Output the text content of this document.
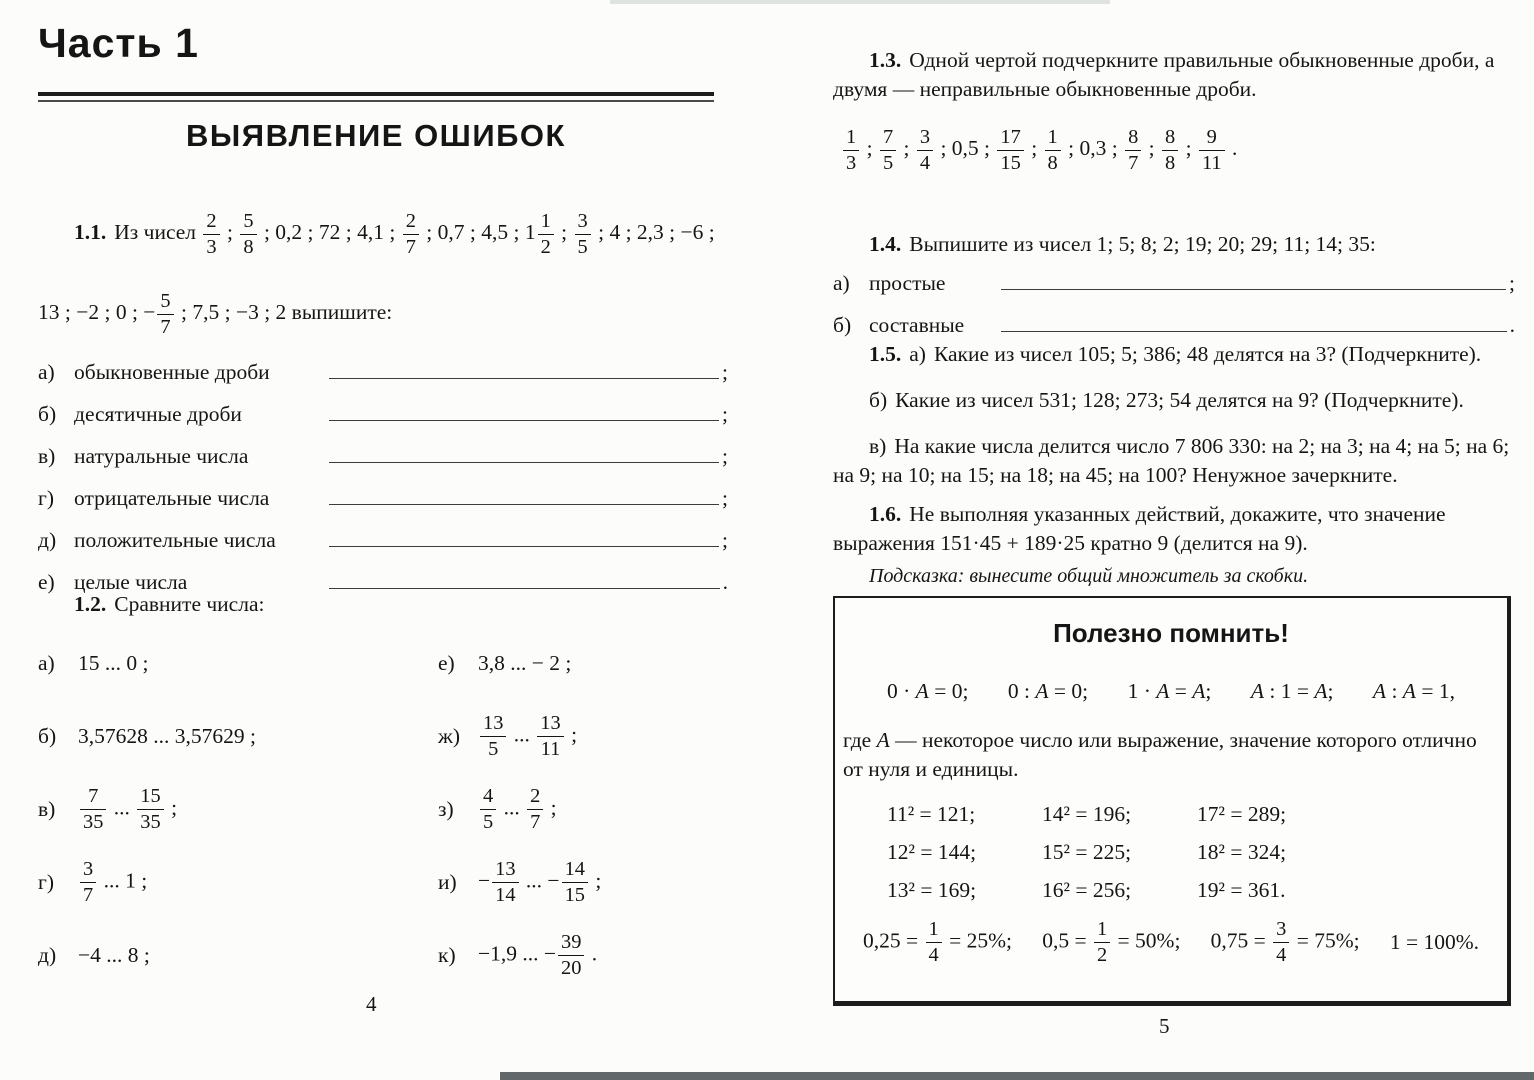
Часть 1
ВЫЯВЛЕНИЕ ОШИБОК
1.1. Из чисел $\frac{2}{3}$ ; $\frac{5}{8}$ ; 0,2 ; 72 ; 4,1 ; $\frac{2}{7}$ ; 0,7 ; 4,5 ; $1 \frac{1}{2}$ ; $\frac{3}{5}$ ; 4 ; 2,3 ; −6 ;
13 ; −2 ; 0 ; − $\frac{5}{7}$ ; 7,5 ; −3 ; 2 выпишите:
а) обыкновенные дроби	;
б) десятичные дроби	;
в) натуральные числа	;
г) отрицательные числа	;
д) положительные числа	;
е) целые числа	.
1.2. Сравните числа:
а)	15 ... 0 ;
б)	3,57628 ... 3,57629 ;
в)	$\frac{7}{35}$ ... $\frac{15}{35}$ ;
г)	$\frac{3}{7}$ ... 1 ;
д)	−4 ... 8 ;
е)	3,8 ... − 2 ;
$ж) \frac{13}{5}$ ... $\frac{13}{11}$ ;
з)	$\frac{4}{5}$ ... $\frac{2}{7}$ ;
$и) - \frac{13}{14}$ ... − $\frac{14}{15}$ ;
к)	−1,9 ... − $\frac{39}{20}$ .
4
1.3. Одной чертой подчеркните правильные обыкновенные дроби, а двумя — неправильные обыкновенные дроби.
$\frac{1}{3}$ ; $\frac{7}{5}$ ; $\frac{3}{4}$ ; 0,5 ; $\frac{17}{15}$ ; $\frac{1}{8}$ ; 0,3 ; $\frac{8}{7}$ ; $\frac{8}{8}$ ; $\frac{9}{11}$ .
1.4. Выпишите из чисел 1; 5; 8; 2; 19; 20; 29; 11; 14; 35:
а) простые	;
б) составные	.
1.5. а) Какие из чисел 105; 5; 386; 48 делятся на 3? (Подчеркните).
б) Какие из чисел 531; 128; 273; 54 делятся на 9? (Подчеркните).
в) На какие числа делится число 7 806 330: на 2; на 3; на 4; на 5; на 6; на 9; на 10; на 15; на 18; на 45; на 100? Ненужное зачеркните.
1.6. Не выполняя указанных действий, докажите, что значение выражения 151·45 + 189·25 кратно 9 (делится на 9).
Подсказка: вынесите общий множитель за скобки.
Полезно помнить!
0 · A = 0; 0 : A = 0; 1 · A = A; A : 1 = A; A : A = 1,
где A — некоторое число или выражение, значение которого отлично от нуля и единицы.
11² = 121;	14² = 196;	17² = 289;
12² = 144;	15² = 225;	18² = 324;
13² = 169;	16² = 256;	19² = 361.
$0,25 = \frac{1}{4} = 25\%$; $0,5 = \frac{1}{2} = 50\%$; $0,75 = \frac{3}{4} = 75\%$; 1 = 100%.
5
